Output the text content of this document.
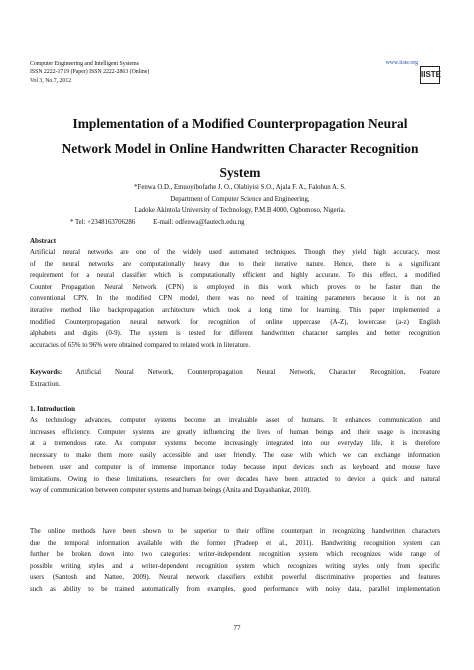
Computer Engineering and Intelligent Systems
ISSN 2222-1719 (Paper) ISSN 2222-2863 (Online)
Vol 3, No.7, 2012
www.iiste.org
IISTE
Implementation of a Modified Counterpropagation Neural
Network Model in Online Handwritten Character Recognition
System
*Fenwa O.D., Emuoyibofarhe J. O., Olabiyisi S.O., Ajala F. A., Falohun A. S.
Department of Computer Science and Engineering,
Ladoke Akintola University of Technology, P.M.B 4000, Ogbomoso, Nigeria.
* Tel: +2348163706286	E-mail: odfenwa@lautech.edu.ng
Abstract

Artificial neural networks are one of the widely used automated techniques. Though they yield high accuracy, most
of the neural networks are computationally heavy due to their iterative nature. Hence, there is a significant
requirement for a neural classifier which is computationally efficient and highly accurate. To this effect, a modified
Counter Propagation Neural Network (CPN) is employed in this work which proves to be faster than the
conventional CPN. In the modified CPN model, there was no need of training parameters because it is not an
iterative method like backpropagation architecture which took a long time for learning. This paper implemented a
modified Counterpropagation neural network for recognition of online uppercase (A-Z), lowercase (a-z) English
alphabets and digits (0-9). The system is tested for different handwritten character samples and better recognition
accuracies of 65% to 96% were obtained compared to related work in literature.

Keywords: Artificial Neural Network, Counterpropagation Neural Network, Character Recognition, Feature
Extraction.

1. Introduction

As technology advances, computer systems become an invaluable asset of humans. It enhances communication and
increases efficiency. Computer systems are greatly influencing the lives of human beings and their usage is increasing
at a tremendous rate. As computer systems become increasingly integrated into our everyday life, it is therefore
necessary to make them more easily accessible and user friendly. The ease with which we can exchange information
between user and computer is of immense importance today because input devices such as keyboard and mouse have
limitations. Owing to these limitations, researchers for over decades have been attracted to device a quick and natural
way of communication between computer systems and human beings (Anita and Dayashankar, 2010).

The online methods have been shown to be superior to their offline counterpart in recognizing handwritten characters
due the temporal information available with the former (Pradeep et al., 2011). Handwriting recognition system can
further be broken down into two categories: writer-independent recognition system which recognizes wide range of
possible writing styles and a writer-dependent recognition system which recognizes writing styles only from specific
users (Santosh and Nattee, 2009). Neural network classifiers exhibit powerful discriminative properties and features
such as ability to be trained automatically from examples, good performance with noisy data, parallel implementation

77
